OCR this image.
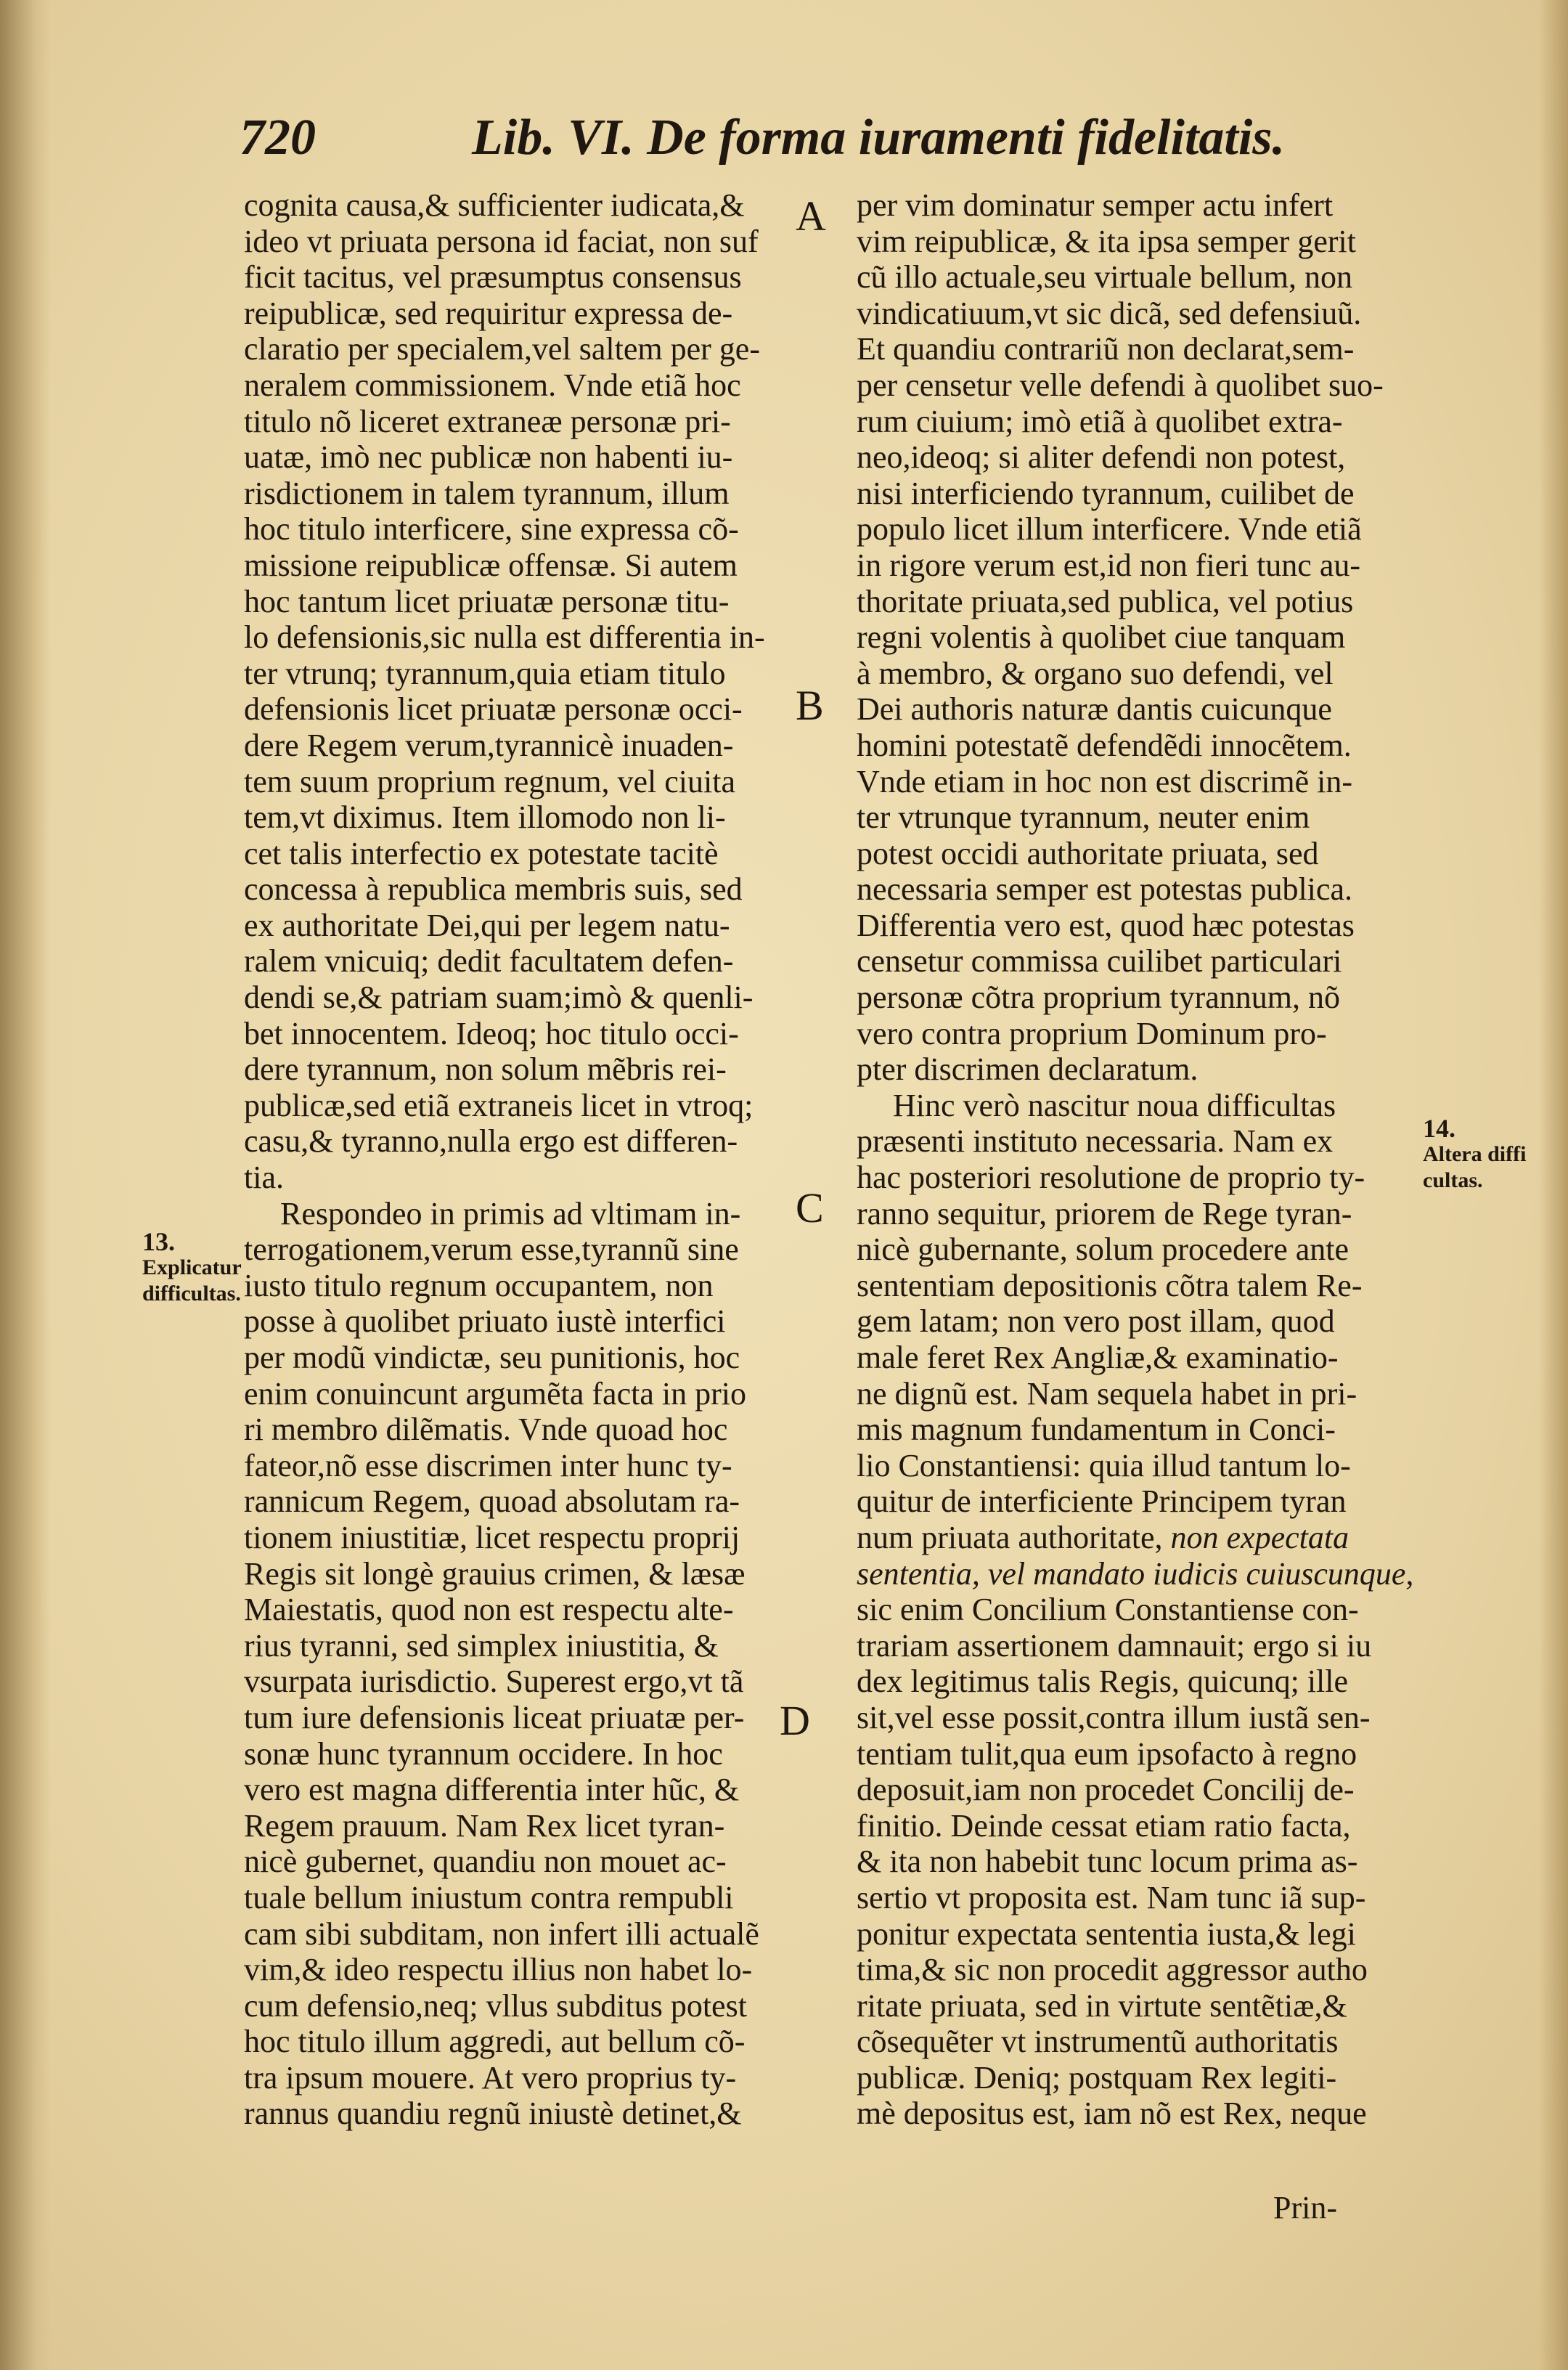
720	Lib. VI. De forma iuramenti fidelitatis.
cognita causa,& sufficienter iudicata,&
ideo vt priuata persona id faciat, non suf
ficit tacitus, vel præsumptus consensus
reipublicæ, sed requiritur expressa de-
claratio per specialem,vel saltem per ge-
neralem commissionem. Vnde etiã hoc
titulo nõ liceret extraneæ personæ pri-
uatæ, imò nec publicæ non habenti iu-
risdictionem in talem tyrannum, illum
hoc titulo interficere, sine expressa cõ-
missione reipublicæ offensæ. Si autem
hoc tantum licet priuatæ personæ titu-
lo defensionis,sic nulla est differentia in-
ter vtrunq; tyrannum,quia etiam titulo
defensionis licet priuatæ personæ occi-
dere Regem verum,tyrannicè inuaden-
tem suum proprium regnum, vel ciuita
tem,vt diximus. Item illomodo non li-
cet talis interfectio ex potestate tacitè
concessa à republica membris suis, sed
ex authoritate Dei,qui per legem natu-
ralem vnicuiq; dedit facultatem defen-
dendi se,& patriam suam;imò & quenli-
bet innocentem. Ideoq; hoc titulo occi-
dere tyrannum, non solum mẽbris rei-
publicæ,sed etiã extraneis licet in vtroq;
casu,& tyranno,nulla ergo est differen-
tia.
Respondeo in primis ad vltimam in-
terrogationem,verum esse,tyrannũ sine
iusto titulo regnum occupantem, non
posse à quolibet priuato iustè interfici
per modũ vindictæ, seu punitionis, hoc
enim conuincunt argumẽta facta in prio
ri membro dilẽmatis. Vnde quoad hoc
fateor,nõ esse discrimen inter hunc ty-
rannicum Regem, quoad absolutam ra-
tionem iniustitiæ, licet respectu proprij
Regis sit longè grauius crimen, & læsæ
Maiestatis, quod non est respectu alte-
rius tyranni, sed simplex iniustitia, &
vsurpata iurisdictio. Superest ergo,vt tã
tum iure defensionis liceat priuatæ per-
sonæ hunc tyrannum occidere. In hoc
vero est magna differentia inter hũc, &
Regem prauum. Nam Rex licet tyran-
nicè gubernet, quandiu non mouet ac-
tuale bellum iniustum contra rempubli
cam sibi subditam, non infert illi actualẽ
vim,& ideo respectu illius non habet lo-
cum defensio,neq; vllus subditus potest
hoc titulo illum aggredi, aut bellum cõ-
tra ipsum mouere. At vero proprius ty-
rannus quandiu regnũ iniustè detinet,&
per vim dominatur semper actu infert
vim reipublicæ, & ita ipsa semper gerit
cũ illo actuale,seu virtuale bellum, non
vindicatiuum,vt sic dicã, sed defensiuũ.
Et quandiu contrariũ non declarat,sem-
per censetur velle defendi à quolibet suo-
rum ciuium; imò etiã à quolibet extra-
neo,ideoq; si aliter defendi non potest,
nisi interficiendo tyrannum, cuilibet de
populo licet illum interficere. Vnde etiã
in rigore verum est,id non fieri tunc au-
thoritate priuata,sed publica, vel potius
regni volentis à quolibet ciue tanquam
à membro, & organo suo defendi, vel
Dei authoris naturæ dantis cuicunque
homini potestatẽ defendẽdi innocẽtem.
Vnde etiam in hoc non est discrimẽ in-
ter vtrunque tyrannum, neuter enim
potest occidi authoritate priuata, sed
necessaria semper est potestas publica.
Differentia vero est, quod hæc potestas
censetur commissa cuilibet particulari
personæ cõtra proprium tyrannum, nõ
vero contra proprium Dominum pro-
pter discrimen declaratum.
Hinc verò nascitur noua difficultas
præsenti instituto necessaria. Nam ex
hac posteriori resolutione de proprio ty-
ranno sequitur, priorem de Rege tyran-
nicè gubernante, solum procedere ante
sententiam depositionis cõtra talem Re-
gem latam; non vero post illam, quod
male feret Rex Angliæ,& examinatio-
ne dignũ est. Nam sequela habet in pri-
mis magnum fundamentum in Conci-
lio Constantiensi: quia illud tantum lo-
quitur de interficiente Principem tyran
num priuata authoritate, non expectata
sententia, vel mandato iudicis cuiuscunque,
sic enim Concilium Constantiense con-
trariam assertionem damnauit; ergo si iu
dex legitimus talis Regis, quicunq; ille
sit,vel esse possit,contra illum iustã sen-
tentiam tulit,qua eum ipsofacto à regno
deposuit,iam non procedet Concilij de-
finitio. Deinde cessat etiam ratio facta,
& ita non habebit tunc locum prima as-
sertio vt proposita est. Nam tunc iã sup-
ponitur expectata sententia iusta,& legi
tima,& sic non procedit aggressor autho
ritate priuata, sed in virtute sentẽtiæ,&
cõsequẽter vt instrumentũ authoritatis
publicæ. Deniq; postquam Rex legiti-
mè depositus est, iam nõ est Rex, neque
A
B
C
D
13.
Explicatur
difficultas.
14.
Altera diffi
cultas.
Prin-
